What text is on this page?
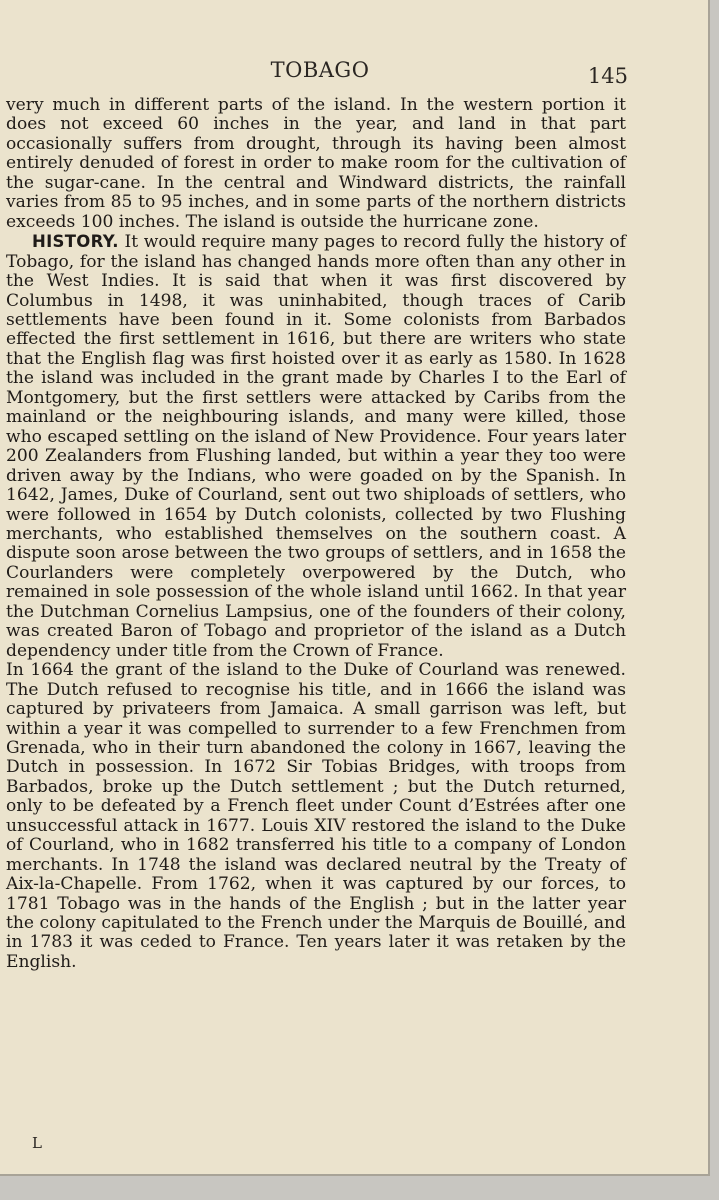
TOBAGO	145

very much in different parts of the island. In the western portion it does not exceed 60 inches in the year, and land in that part occasionally suffers from drought, through its having been almost entirely denuded of forest in order to make room for the cultivation of the sugar-cane. In the central and Windward districts, the rainfall varies from 85 to 95 inches, and in some parts of the northern districts exceeds 100 inches. The island is outside the hurricane zone.

HISTORY. It would require many pages to record fully the history of Tobago, for the island has changed hands more often than any other in the West Indies. It is said that when it was first discovered by Columbus in 1498, it was uninhabited, though traces of Carib settlements have been found in it. Some colonists from Barbados effected the first settlement in 1616, but there are writers who state that the English flag was first hoisted over it as early as 1580. In 1628 the island was included in the grant made by Charles I to the Earl of Montgomery, but the first settlers were attacked by Caribs from the mainland or the neighbouring islands, and many were killed, those who escaped settling on the island of New Providence. Four years later 200 Zealanders from Flushing landed, but within a year they too were driven away by the Indians, who were goaded on by the Spanish. In 1642, James, Duke of Courland, sent out two shiploads of settlers, who were followed in 1654 by Dutch colonists, collected by two Flushing merchants, who established themselves on the southern coast. A dispute soon arose between the two groups of settlers, and in 1658 the Courlanders were completely overpowered by the Dutch, who remained in sole possession of the whole island until 1662. In that year the Dutchman Cornelius Lampsius, one of the founders of their colony, was created Baron of Tobago and proprietor of the island as a Dutch dependency under title from the Crown of France.

In 1664 the grant of the island to the Duke of Courland was renewed. The Dutch refused to recognise his title, and in 1666 the island was captured by privateers from Jamaica. A small garrison was left, but within a year it was compelled to surrender to a few Frenchmen from Grenada, who in their turn abandoned the colony in 1667, leaving the Dutch in possession. In 1672 Sir Tobias Bridges, with troops from Barbados, broke up the Dutch settlement ; but the Dutch returned, only to be defeated by a French fleet under Count d’Estrées after one unsuccessful attack in 1677. Louis XIV restored the island to the Duke of Courland, who in 1682 transferred his title to a company of London merchants. In 1748 the island was declared neutral by the Treaty of Aix-la-Chapelle. From 1762, when it was captured by our forces, to 1781 Tobago was in the hands of the English ; but in the latter year the colony capitulated to the French under the Marquis de Bouillé, and in 1783 it was ceded to France. Ten years later it was retaken by the English.

L
